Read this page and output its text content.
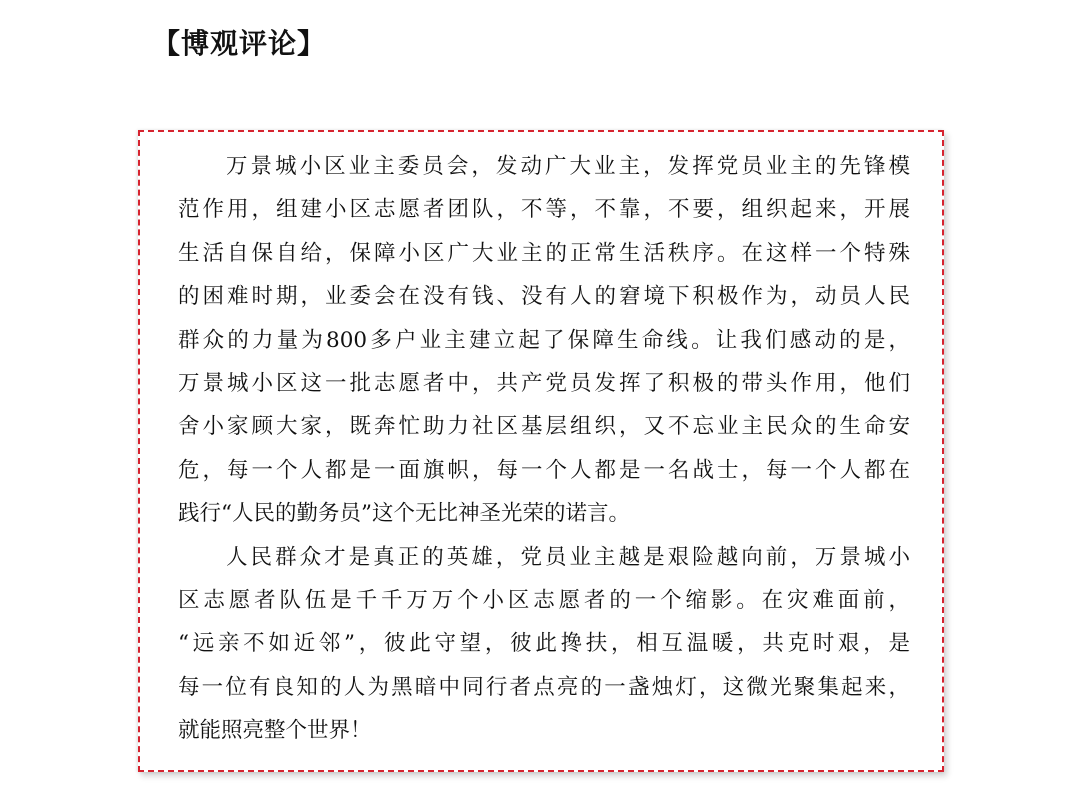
【博观评论】
万景城小区业主委员会，发动广大业主，发挥党员业主的先锋模
范作用，组建小区志愿者团队，不等，不靠，不要，组织起来，开展
生活自保自给，保障小区广大业主的正常生活秩序。在这样一个特殊
的困难时期，业委会在没有钱、没有人的窘境下积极作为，动员人民
群众的力量为800多户业主建立起了保障生命线。让我们感动的是，
万景城小区这一批志愿者中，共产党员发挥了积极的带头作用，他们
舍小家顾大家，既奔忙助力社区基层组织，又不忘业主民众的生命安
危，每一个人都是一面旗帜，每一个人都是一名战士，每一个人都在
践行“人民的勤务员”这个无比神圣光荣的诺言。
人民群众才是真正的英雄，党员业主越是艰险越向前，万景城小
区志愿者队伍是千千万万个小区志愿者的一个缩影。在灾难面前，
“远亲不如近邻”，彼此守望，彼此搀扶，相互温暖，共克时艰，是
每一位有良知的人为黑暗中同行者点亮的一盏烛灯，这微光聚集起来，
就能照亮整个世界！
